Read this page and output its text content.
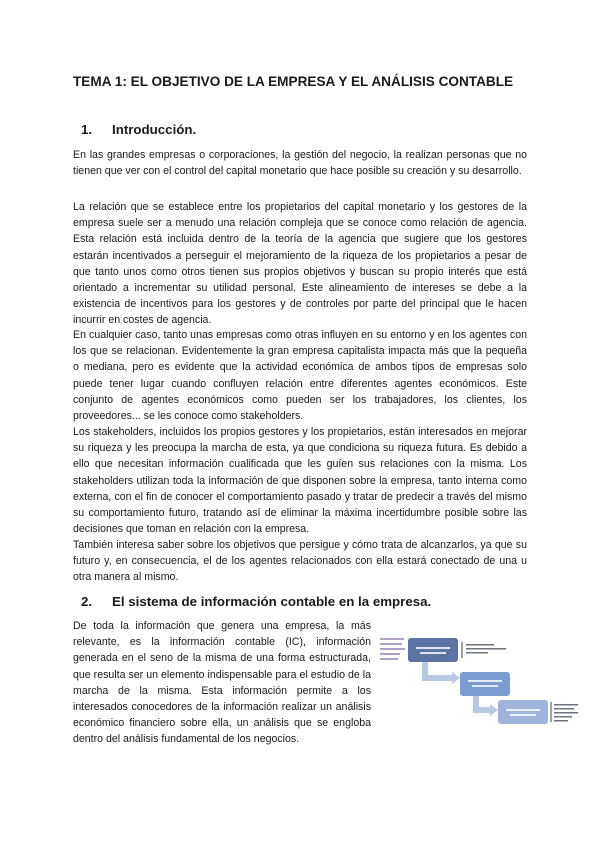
TEMA 1: EL OBJETIVO DE LA EMPRESA Y EL ANÁLISIS CONTABLE
1. Introducción.

En las grandes empresas o corporaciones, la gestión del negocio, la realizan personas que no tienen que ver con el control del capital monetario que hace posible su creación y su desarrollo.

La relación que se establece entre los propietarios del capital monetario y los gestores de la empresa suele ser a menudo una relación compleja que se conoce como relación de agencia. Esta relación está incluida dentro de la teoría de la agencia que sugiere que los gestores estarán incentivados a perseguir el mejoramiento de la riqueza de los propietarios a pesar de que tanto unos como otros tienen sus propios objetivos y buscan su propio interés que está orientado a incrementar su utilidad personal. Este alineamiento de intereses se debe a la existencia de incentivos para los gestores y de controles por parte del principal que le hacen incurrir en costes de agencia.

En cualquier caso, tanto unas empresas como otras influyen en su entorno y en los agentes con los que se relacionan. Evidentemente la gran empresa capitalista impacta más que la pequeña o mediana, pero es evidente que la actividad económica de ambos tipos de empresas solo puede tener lugar cuando confluyen relación entre diferentes agentes económicos. Este conjunto de agentes económicos como pueden ser los trabajadores, los clientes, los proveedores... se les conoce como stakeholders.

Los stakeholders, incluidos los propios gestores y los propietarios, están interesados en mejorar su riqueza y les preocupa la marcha de esta, ya que condiciona su riqueza futura. Es debido a ello que necesitan información cualificada que les guíen sus relaciones con la misma. Los stakeholders utilizan toda la información de que disponen sobre la empresa, tanto interna como externa, con el fin de conocer el comportamiento pasado y tratar de predecir a través del mismo su comportamiento futuro, tratando así de eliminar la máxima incertidumbre posible sobre las decisiones que toman en relación con la empresa.

También interesa saber sobre los objetivos que persigue y cómo trata de alcanzarlos, ya que su futuro y, en consecuencia, el de los agentes relacionados con ella estará conectado de una u otra manera al mismo.

2. El sistema de información contable en la empresa.

De toda la información que genera una empresa, la más relevante, es la información contable (IC), información generada en el seno de la misma de una forma estructurada, que resulta ser un elemento indispensable para el estudio de la marcha de la misma. Esta información permite a los interesados conocedores de la información realizar un análisis económico financiero sobre ella, un análisis que se engloba dentro del análisis fundamental de los negocios.
